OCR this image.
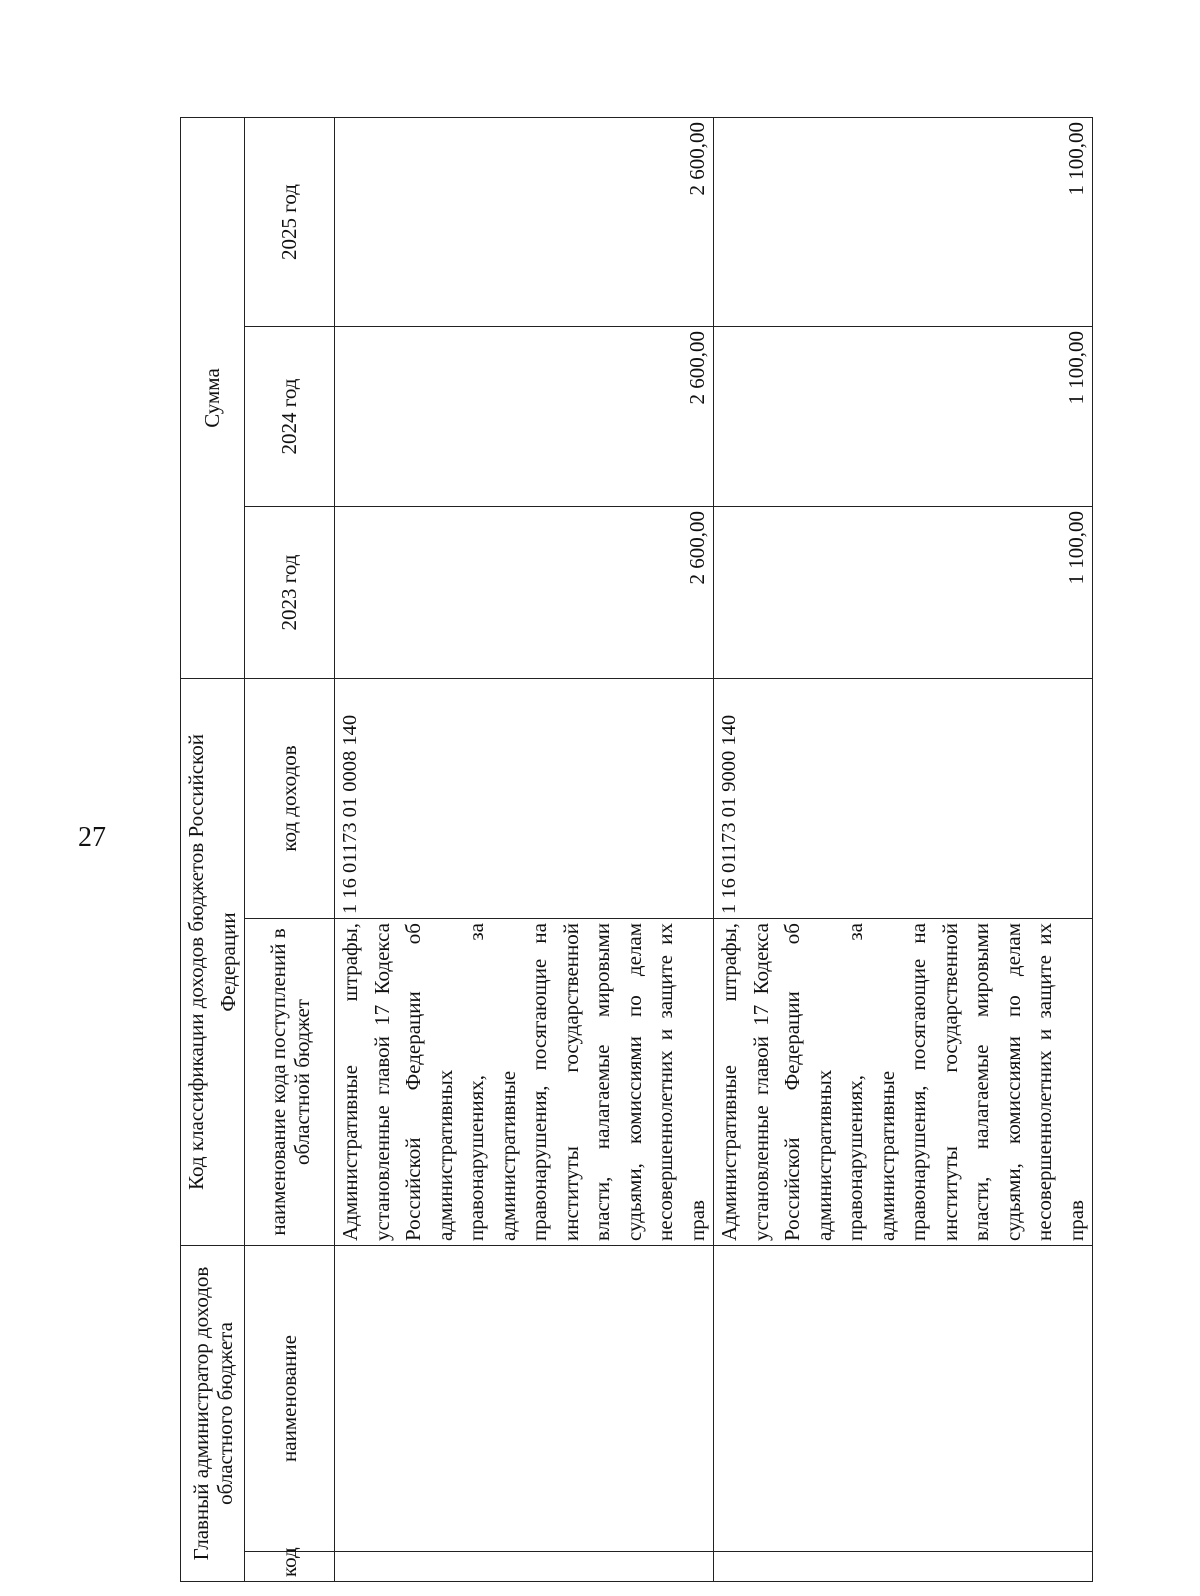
27
Главный администратор доходов областного бюджета		Код классификации доходов бюджетов Российской Федерации		Сумма		
код	наименование	наименование кода поступлений в областной бюджет	код доходов	2023 год	2024 год	2025 год
		Административные штрафы, установленные главой 17 Кодекса Российской Федерации об административных правонарушениях, за административные правонарушения, посягающие на институты государственной власти, налагаемые мировыми судьями, комиссиями по делам несовершеннолетних и защите их прав	1 16 01173 01 0008 140	2 600,00	2 600,00	2 600,00
		Административные штрафы, установленные главой 17 Кодекса Российской Федерации об административных правонарушениях, за административные правонарушения, посягающие на институты государственной власти, налагаемые мировыми судьями, комиссиями по делам несовершеннолетних и защите их прав	1 16 01173 01 9000 140	1 100,00	1 100,00	1 100,00
